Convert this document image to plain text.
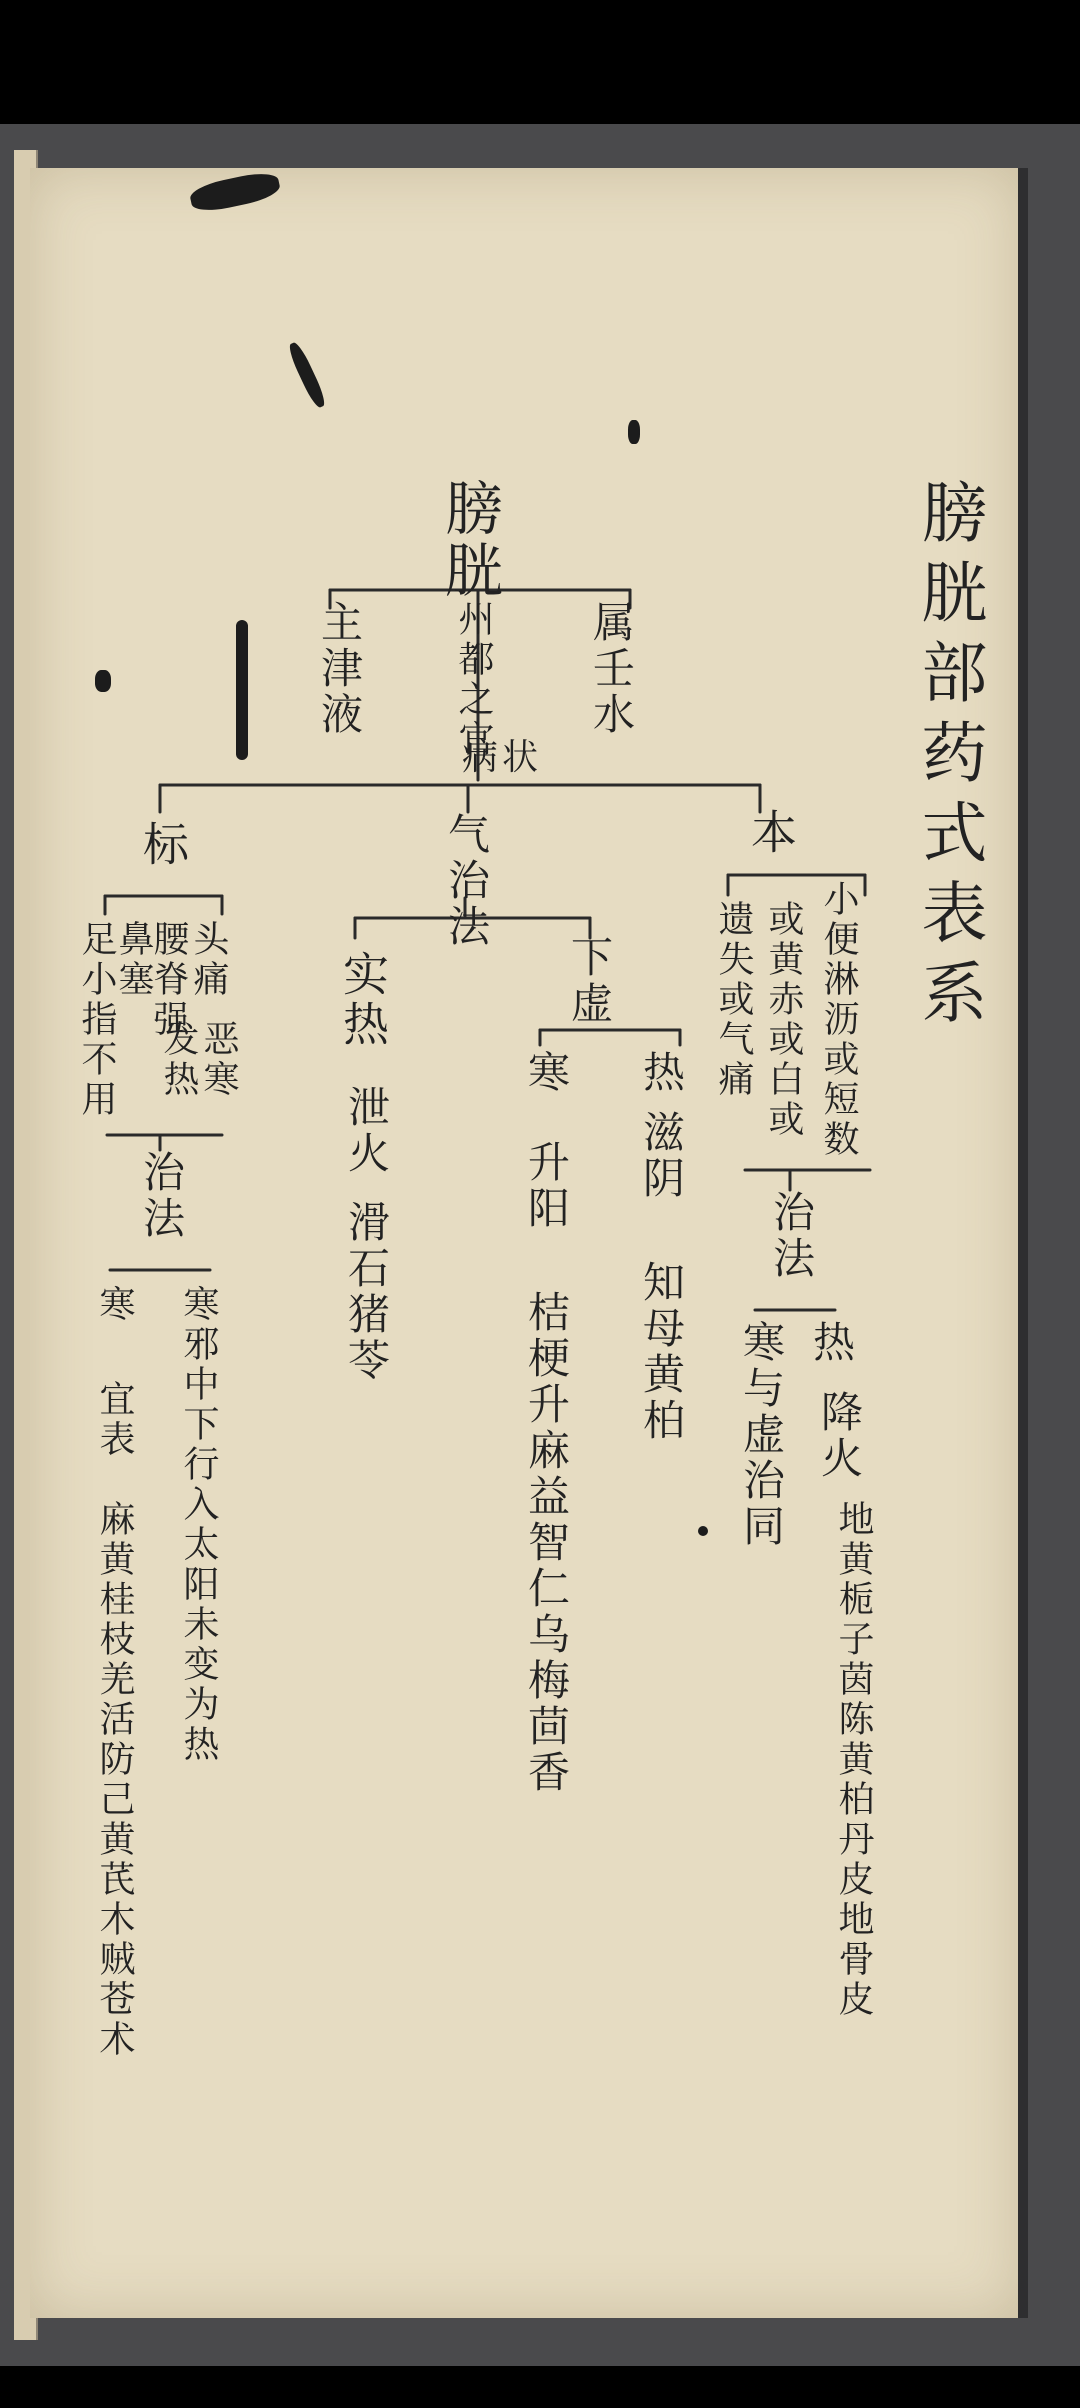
膀胱部药式表系
膀胱
主津液 州都之官 属壬水
病状
标
头痛
腰脊强
恶寒
发热
鼻塞
足小指不用
治法
寒
宜表
麻黄桂枝羌活防己黄芪木贼苍术 寒邪中下行入太阳未变为热
气治法
实热
泄火
滑石猪苓
下虚
热
滋阴
知母黄柏
寒
升阳
桔梗升麻益智仁乌梅茴香
本
小便淋沥或短数
或黄赤或白或
遗失或气痛
治法
热
降火
地黄栀子茵陈黄柏丹皮地骨皮
寒与虚治同
